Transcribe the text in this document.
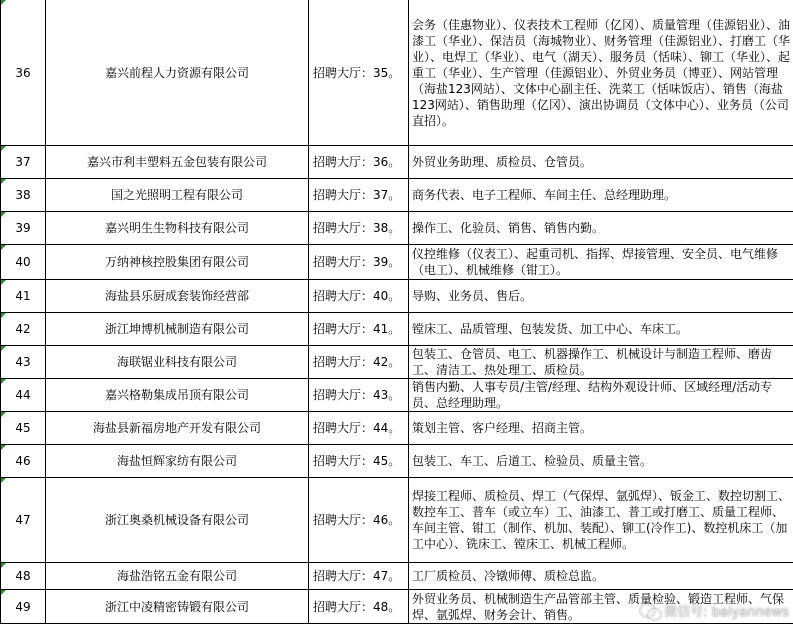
36	嘉兴前程人力资源有限公司	招聘大厅：35。	会务（佳惠物业）、仪表技术工程师（亿冈）、质量管理（佳源铝业）、油漆工（华业）、保洁员（海城物业）、财务管理（佳源铝业）、打磨工（华业）、电焊工（华业）、电气（湖天）、服务员（恬味）、铆工（华业）、起重工（华业）、生产管理（佳源铝业）、外贸业务员（博亚）、网站管理（海盐123网站）、文体中心副主任、洗菜工（恬味饭店）、销售（海盐123网站）、销售助理（亿冈）、演出协调员（文体中心）、业务员（公司直招）。
37	嘉兴市利丰塑料五金包装有限公司	招聘大厅：36。	外贸业务助理、质检员、仓管员。
38	国之光照明工程有限公司	招聘大厅：37。	商务代表、电子工程师、车间主任、总经理助理。
39	嘉兴明生生物科技有限公司	招聘大厅：38。	操作工、化验员、销售、销售内勤。
40	万纳神核控股集团有限公司	招聘大厅：39。	仪控维修（仪表工）、起重司机、指挥、焊接管理、安全员、电气维修（电工）、机械维修（钳工）。
41	海盐县乐厨成套装饰经营部	招聘大厅：40。	导购、业务员、售后。
42	浙江坤博机械制造有限公司	招聘大厅：41。	镗床工、品质管理、包装发货、加工中心、车床工。
43	海联锯业科技有限公司	招聘大厅：42。	包装工、仓管员、电工、机器操作工、机械设计与制造工程师、磨齿工、清洁工、热处理工、质检员。
44	嘉兴格勒集成吊顶有限公司	招聘大厅：43。	销售内勤、人事专员/主管/经理、结构外观设计师、区域经理/活动专员、总经理助理。
45	海盐县新福房地产开发有限公司	招聘大厅：44。	策划主管、客户经理、招商主管。
46	海盐恒辉家纺有限公司	招聘大厅：45。	包装工、车工、后道工、检验员、质量主管。
47	浙江奥桑机械设备有限公司	招聘大厅：46。	焊接工程师、质检员、焊工（气保焊、氩弧焊）、钣金工、数控切割工、数控车工、普车（或立车）工、油漆工、普工或打磨工、质量工程师、车间主管、钳工（制作、机加、装配）、铆工(冷作工)、数控机床工（加工中心）、铣床工、镗床工、机械工程师。
48	海盐浩铭五金有限公司	招聘大厅：47。	工厂质检员、冷镦师傅、质检总监。
49	浙江中凌精密铸锻有限公司	招聘大厅：48。	外贸业务员、机械制造生产品管部主管、质量检验、锻造工程师、气保焊、氩弧焊、财务会计、销售。	微信号: baiyannews
